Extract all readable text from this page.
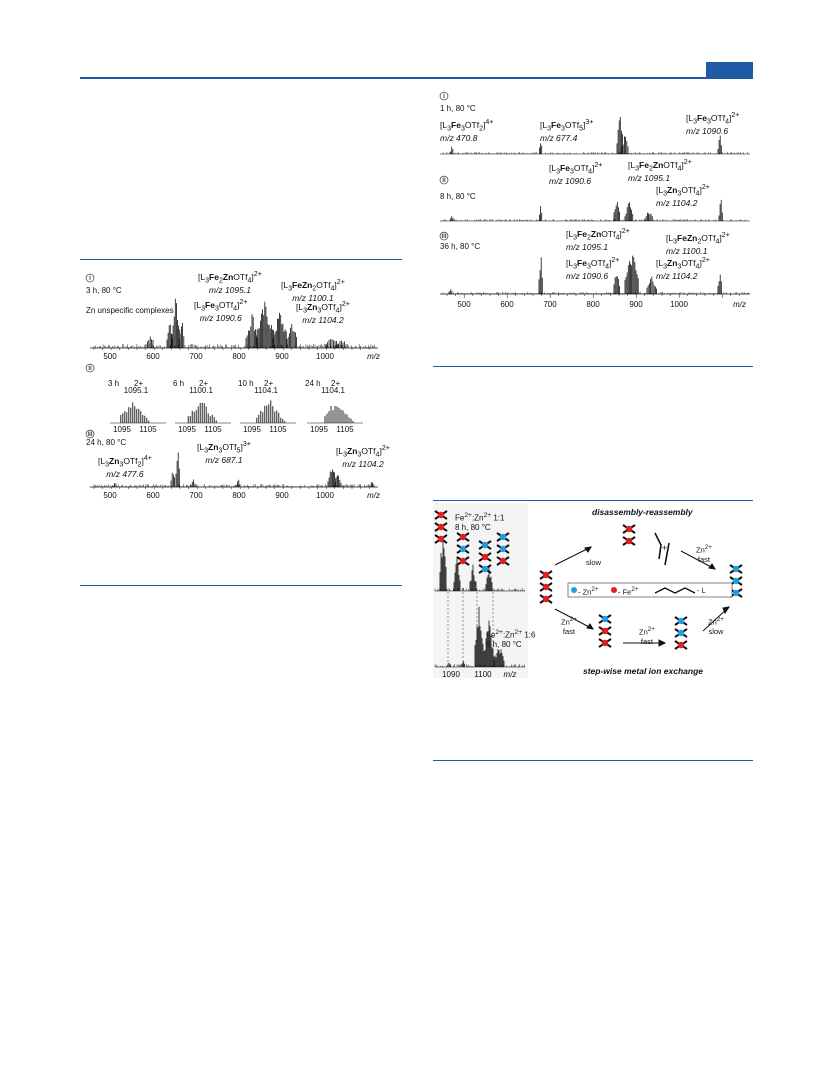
i
3 h, 80 °C
Zn unspecific complexes
500	600	700	800	900	1000	m/z
ii
3 h 2+
1095.1
1095 1105
6 h 2+
1100.1
1095 1105
10 h 2+
1104.1
1095 1105
24 h 2+
1104.1
1095 1105
iii
24 h, 80 °C
500	600	700	800	900	1000	m/z
$[L_3Fe_2ZnOTf_4]^{2+}$
m/z 1095.1
$[L_3Fe_3OTf_4]^{2+}$
m/z 1090.6
$[L_3FeZn_2OTf_4]^{2+}$
m/z 1100.1
$[L_3Zn_3OTf_4]^{2+}$
m/z 1104.2
$[L_3Zn_3OTf_2]^{4+}$
m/z 477.6
$[L_3Zn_3OTf_5]^{3+}$
m/z 687.1
$[L_3Zn_3OTf_4]^{2+}$
m/z 1104.2
i
1 h, 80 °C
ii
8 h, 80 °C
iii
36 h, 80 °C
500	600	700	800	900	1000	m/z
$[L_3Fe_3OTf_2]^{4+}$
m/z 470.8
$[L_3Fe_3OTf_5]^{3+}$
m/z 677.4
$[L_3Fe_3OTf_4]^{2+}$
m/z 1090.6
$[L_3Fe_3OTf_4]^{2+}$
m/z 1090.6
$[L_3Fe_2ZnOTf_4]^{2+}$
m/z 1095.1
$[L_3Zn_3OTf_4]^{2+}$
m/z 1104.2
$[L_3Fe_2ZnOTf_4]^{2+}$
m/z 1095.1
$[L_3FeZn_2OTf_4]^{2+}$
m/z 1100.1
$[L_3Fe_3OTf_4]^{2+}$
m/z 1090.6
$[L_3Zn_3OTf_4]^{2+}$
m/z 1104.2
1090 1100 m/z
$Fe^{2+}:Zn^{2+}$ 1:1
8 h, 80 °C
$Fe^{2+}:Zn^{2+}$ 1:6
6 h, 80 °C
disassembly-reassembly
step-wise metal ion exchange
slow
$Zn^{2+}$
fast
$Zn^{2+}$
fast	$Zn^{2+}$
fast
$Zn^{2+}$
slow
+
- $Zn^{2+}$	- $Fe^{2+}$	- L
